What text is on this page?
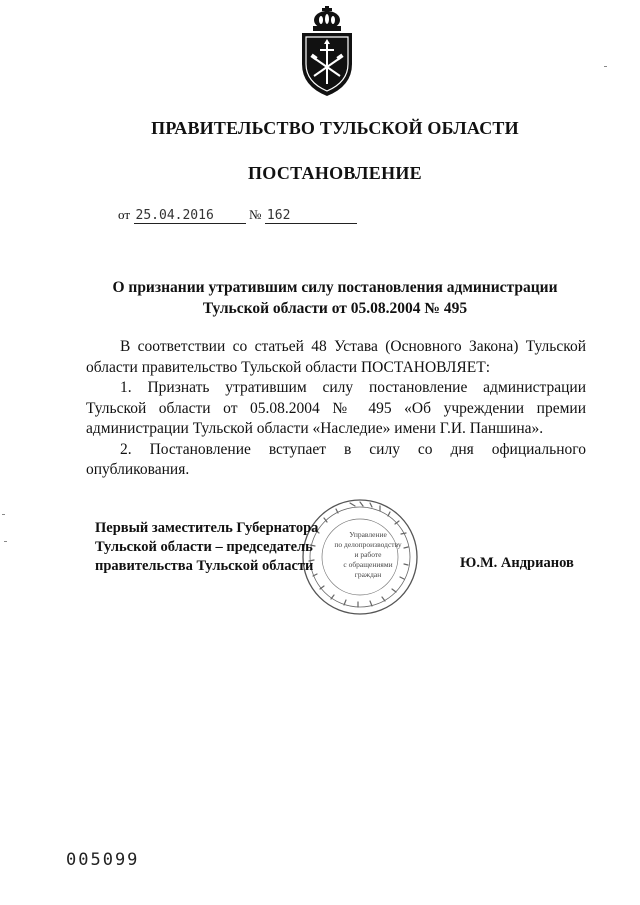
ПРАВИТЕЛЬСТВО ТУЛЬСКОЙ ОБЛАСТИ
ПОСТАНОВЛЕНИЕ
от 25.04.2016	№ 162
О признании утратившим силу постановления администрации
Тульской области от 05.08.2004 № 495

В соответствии со статьей 48 Устава (Основного Закона) Тульской области правительство Тульской области ПОСТАНОВЛЯЕТ:

1. Признать утратившим силу постановление администрации Тульской области от 05.08.2004 № 495 «Об учреждении премии администрации Тульской области «Наследие» имени Г.И. Паншина».

2. Постановление вступает в силу со дня официального опубликования.

Управление
по делопроизводству
и работе
с обращениями
граждан
Первый заместитель Губернатора
Тульской области – председатель
правительства Тульской области	Ю.М. Андрианов
005099
